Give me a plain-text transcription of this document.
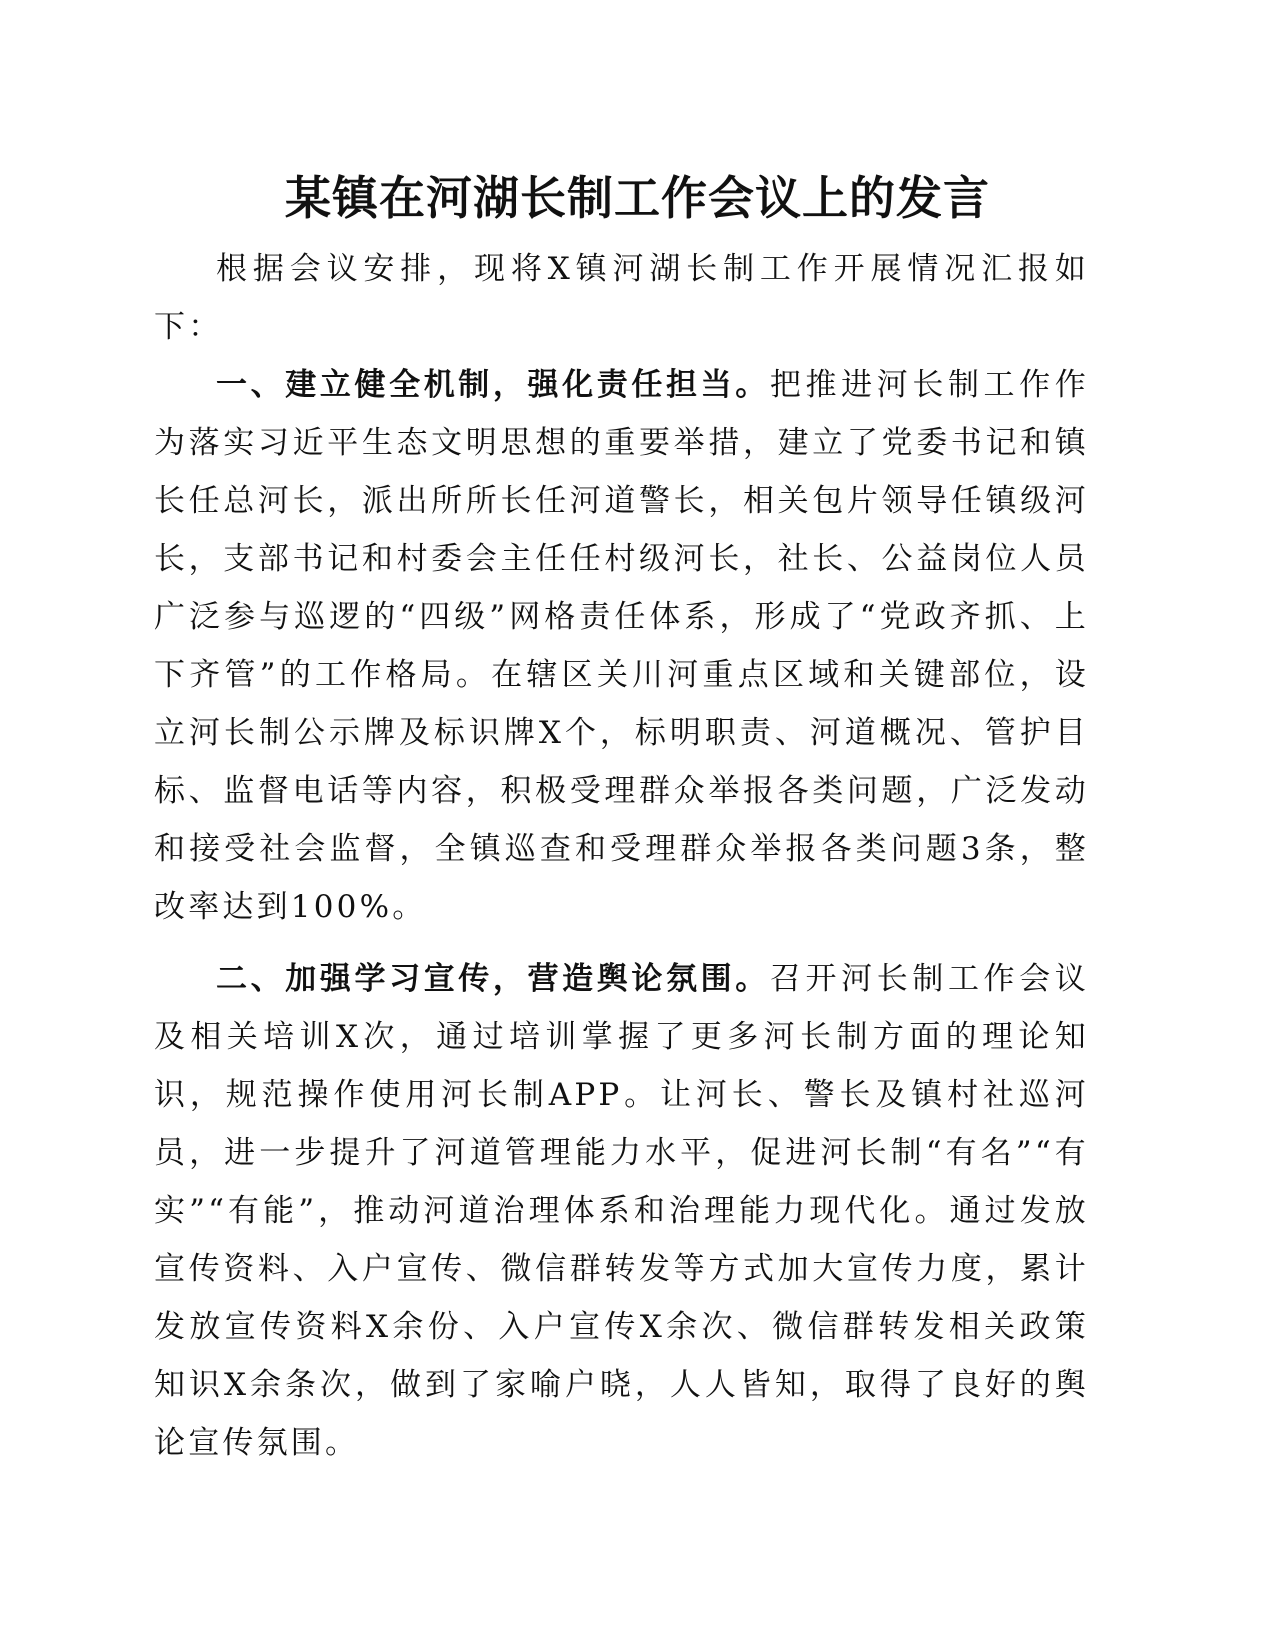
某镇在河湖长制工作会议上的发言

根据会议安排，现将X镇河湖长制工作开展情况汇报如下：

一、建立健全机制，强化责任担当。把推进河长制工作作为落实习近平生态文明思想的重要举措，建立了党委书记和镇长任总河长，派出所所长任河道警长，相关包片领导任镇级河长，支部书记和村委会主任任村级河长，社长、公益岗位人员广泛参与巡逻的“四级”网格责任体系，形成了“党政齐抓、上下齐管”的工作格局。在辖区关川河重点区域和关键部位，设立河长制公示牌及标识牌X个，标明职责、河道概况、管护目标、监督电话等内容，积极受理群众举报各类问题，广泛发动和接受社会监督，全镇巡查和受理群众举报各类问题3条，整改率达到100%。

二、加强学习宣传，营造舆论氛围。召开河长制工作会议及相关培训X次，通过培训掌握了更多河长制方面的理论知识，规范操作使用河长制APP。让河长、警长及镇村社巡河员，进一步提升了河道管理能力水平，促进河长制“有名”“有实”“有能”，推动河道治理体系和治理能力现代化。通过发放宣传资料、入户宣传、微信群转发等方式加大宣传力度，累计发放宣传资料X余份、入户宣传X余次、微信群转发相关政策知识X余条次，做到了家喻户晓，人人皆知，取得了良好的舆论宣传氛围。
